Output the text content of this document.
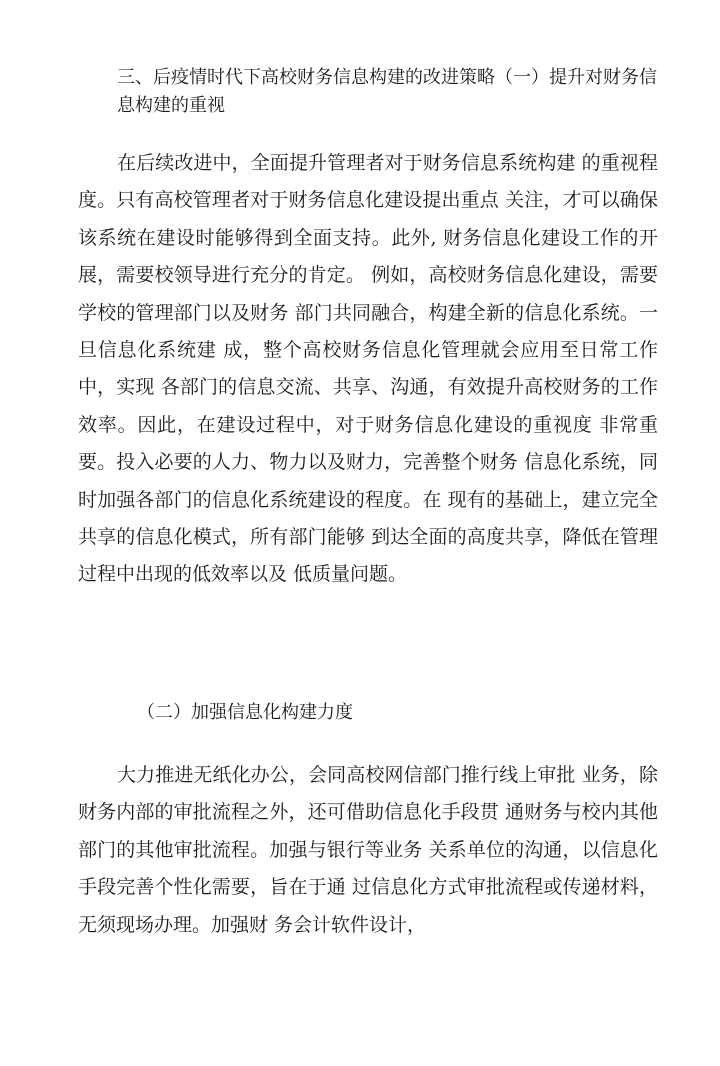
三、后疫情时代下高校财务信息构建的改进策略（一）提升对财务信息构建的重视

在后续改进中，全面提升管理者对于财务信息系统构建 的重视程度。只有高校管理者对于财务信息化建设提出重点 关注，才可以确保该系统在建设时能够得到全面支持。此外, 财务信息化建设工作的开展，需要校领导进行充分的肯定。 例如，高校财务信息化建设，需要学校的管理部门以及财务 部门共同融合，构建全新的信息化系统。一旦信息化系统建 成，整个高校财务信息化管理就会应用至日常工作中，实现 各部门的信息交流、共享、沟通，有效提升高校财务的工作 效率。因此，在建设过程中，对于财务信息化建设的重视度 非常重要。投入必要的人力、物力以及财力，完善整个财务 信息化系统，同时加强各部门的信息化系统建设的程度。在 现有的基础上，建立完全共享的信息化模式，所有部门能够 到达全面的高度共享，降低在管理过程中出现的低效率以及 低质量问题。

（二）加强信息化构建力度

大力推进无纸化办公，会同高校网信部门推行线上审批 业务，除财务内部的审批流程之外，还可借助信息化手段贯 通财务与校内其他部门的其他审批流程。加强与银行等业务 关系单位的沟通，以信息化手段完善个性化需要，旨在于通 过信息化方式审批流程或传递材料，无须现场办理。加强财 务会计软件设计，
